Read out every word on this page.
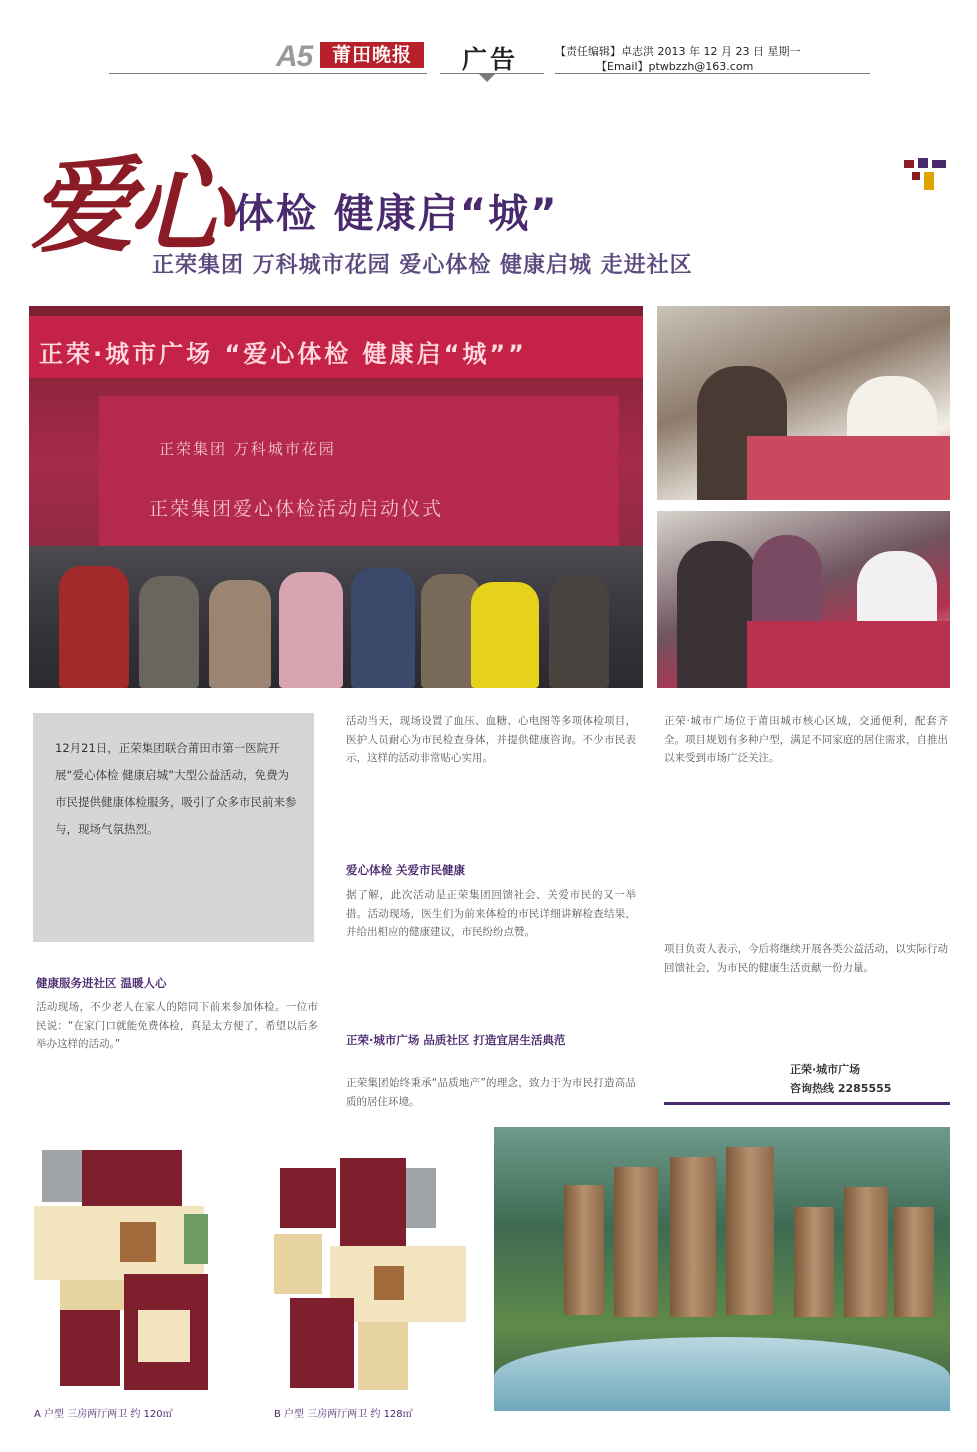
A5	莆田晚报	广告	【责任编辑】卓志洪 2013 年 12 月 23 日 星期一
【Email】ptwbzzh@163.com
爱心 体检 健康启“城”
正荣集团 万科城市花园 爱心体检 健康启城 走进社区
正荣·城市广场 “爱心体检 健康启“城””
正荣集团 万科城市花园
正荣集团爱心体检活动启动仪式
12月21日，正荣集团联合莆田市第一医院开展“爱心体检 健康启城”大型公益活动，免费为市民提供健康体检服务，吸引了众多市民前来参与，现场气氛热烈。
健康服务进社区 温暖人心
活动现场，不少老人在家人的陪同下前来参加体检。一位市民说：“在家门口就能免费体检，真是太方便了，希望以后多举办这样的活动。”
活动当天，现场设置了血压、血糖、心电图等多项体检项目，医护人员耐心为市民检查身体，并提供健康咨询。不少市民表示，这样的活动非常贴心实用。
爱心体检 关爱市民健康
据了解，此次活动是正荣集团回馈社会、关爱市民的又一举措。活动现场，医生们为前来体检的市民详细讲解检查结果，并给出相应的健康建议，市民纷纷点赞。
正荣·城市广场 品质社区 打造宜居生活典范
正荣集团始终秉承“品质地产”的理念，致力于为市民打造高品质的居住环境。
正荣·城市广场位于莆田城市核心区域，交通便利，配套齐全。项目规划有多种户型，满足不同家庭的居住需求，自推出以来受到市场广泛关注。
项目负责人表示，今后将继续开展各类公益活动，以实际行动回馈社会，为市民的健康生活贡献一份力量。
正荣·城市广场
咨询热线 2285555
A 户型 三房两厅两卫 约 120㎡	B 户型 三房两厅两卫 约 128㎡
